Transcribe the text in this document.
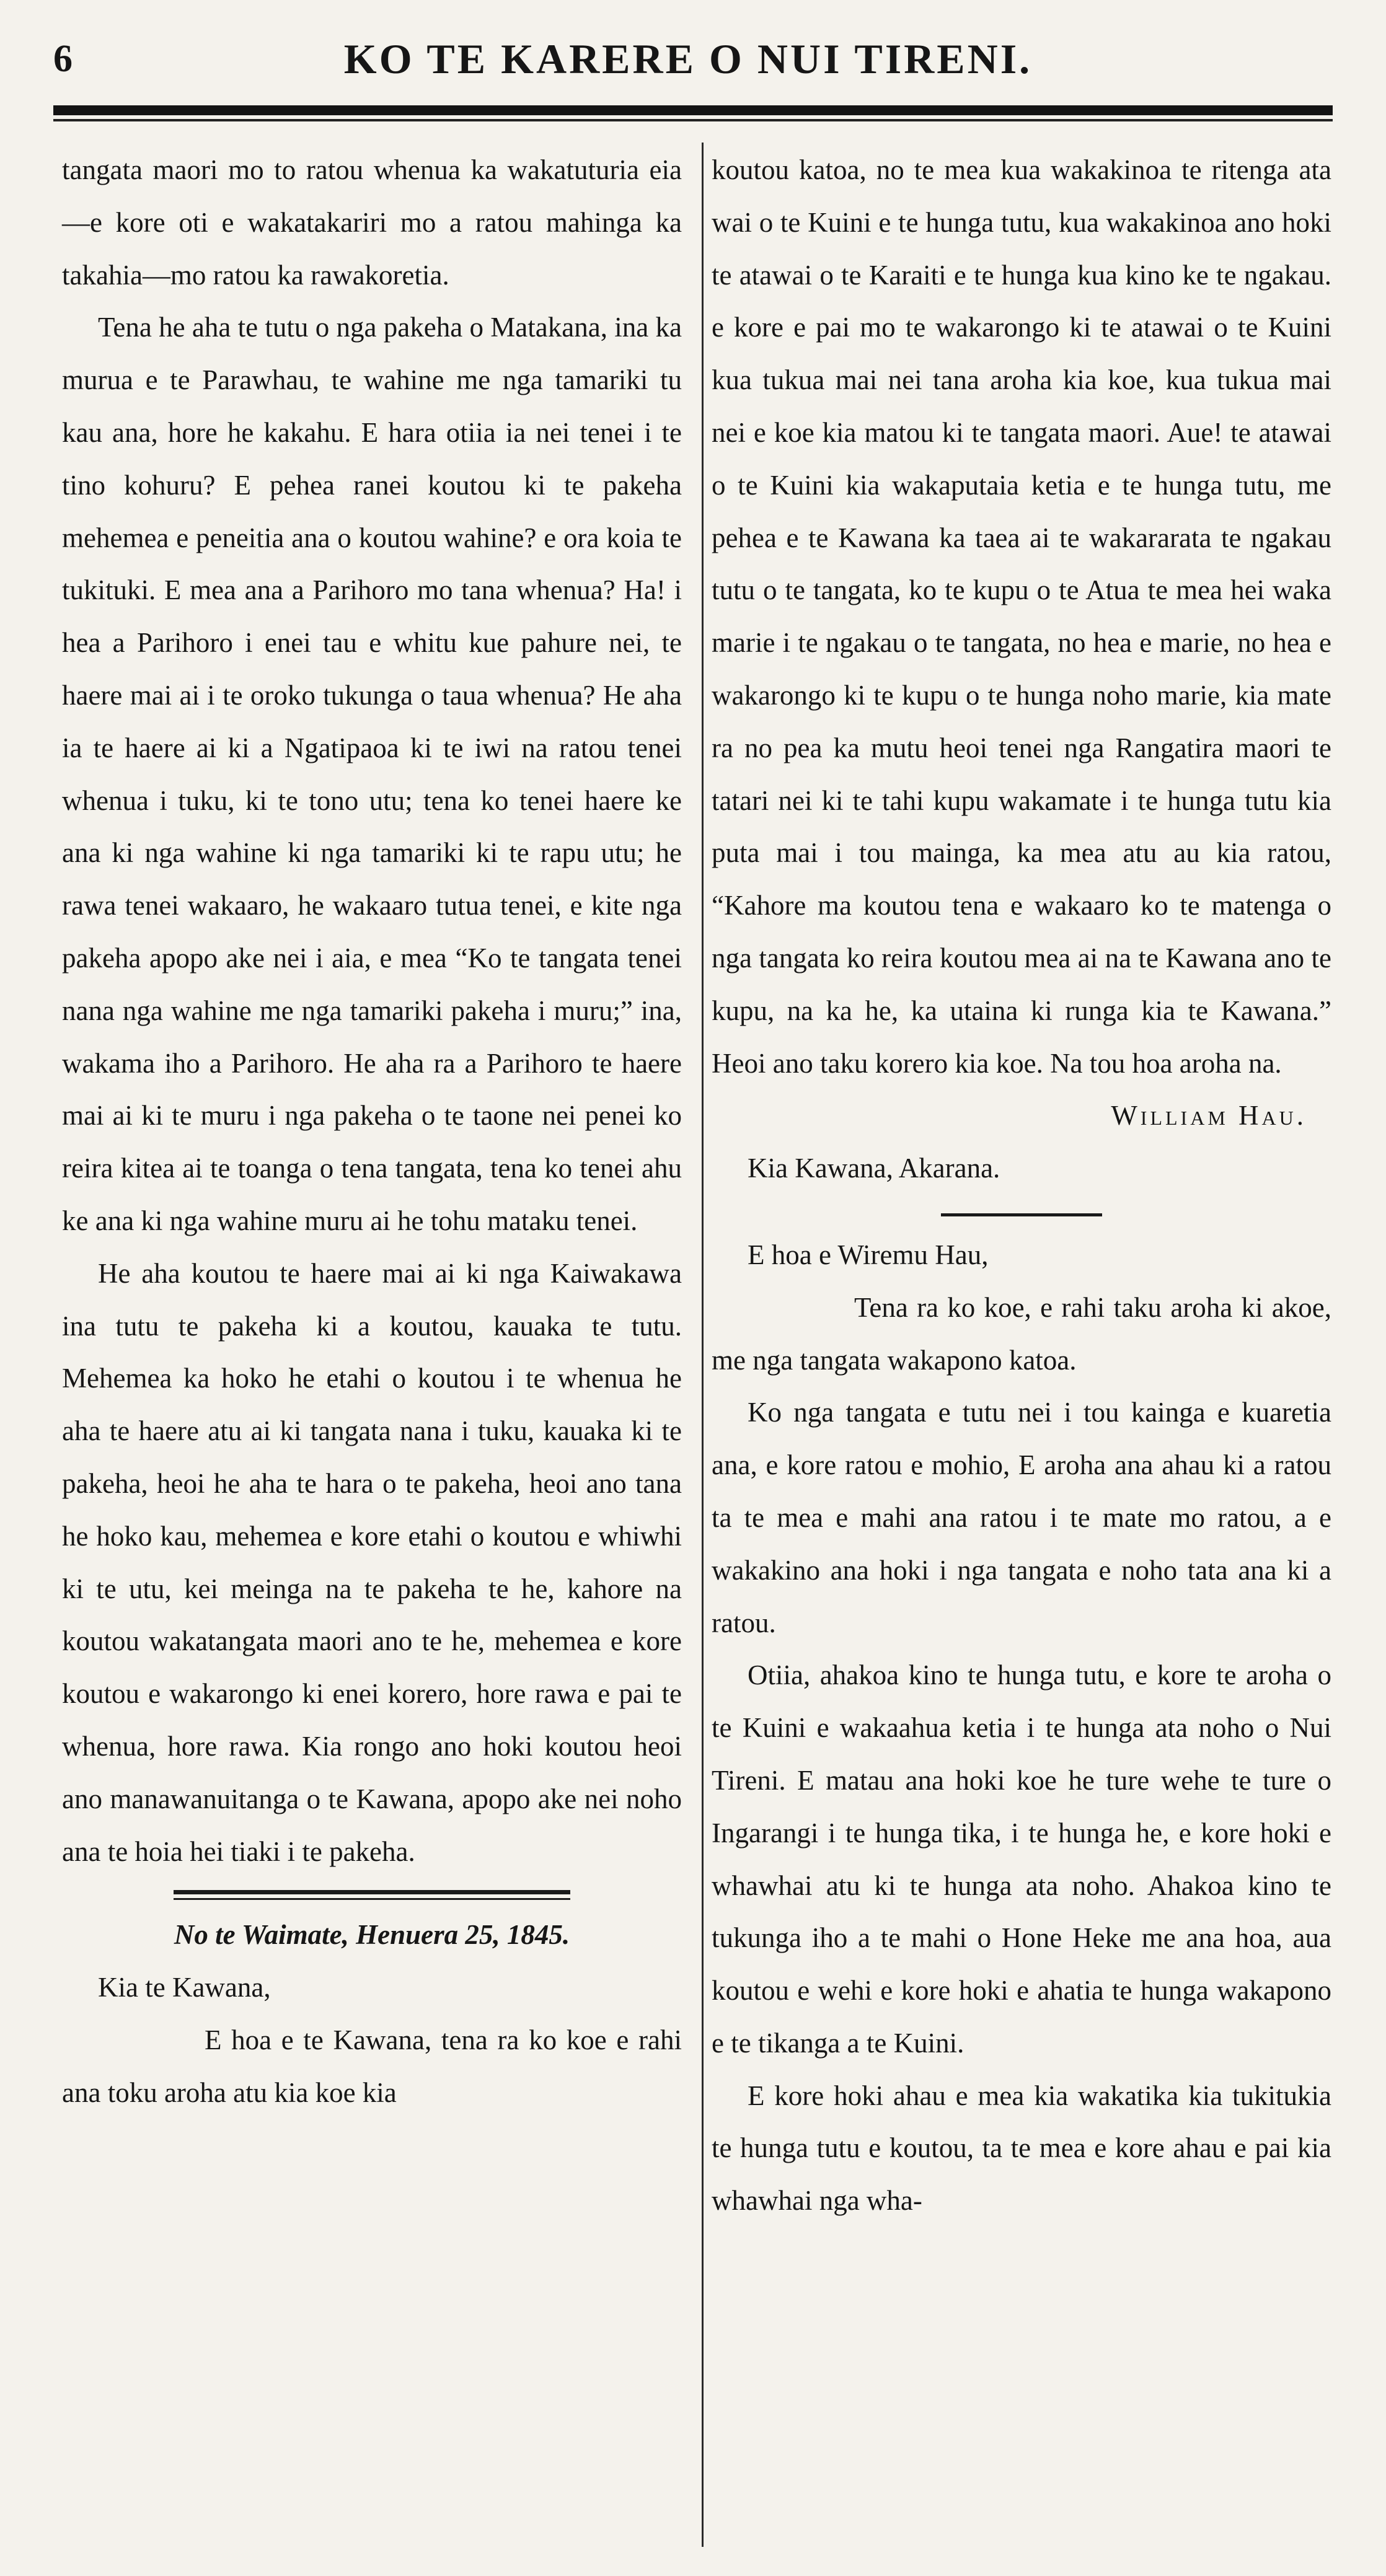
6	KO TE KARERE O NUI TIRENI.

tangata maori mo to ratou whenua ka wakatuturia eia—e kore oti e wakatakariri mo a ratou mahinga ka takahia—mo ratou ka rawakoretia.

Tena he aha te tutu o nga pakeha o Matakana, ina ka murua e te Parawhau, te wahine me nga tamariki tu kau ana, hore he kakahu. E hara otiia ia nei tenei i te tino kohuru? E pehea ranei koutou ki te pakeha mehemea e peneitia ana o koutou wahine? e ora koia te tukituki. E mea ana a Parihoro mo tana whenua? Ha! i hea a Parihoro i enei tau e whitu kue pahure nei, te haere mai ai i te oroko tukunga o taua whenua? He aha ia te haere ai ki a Ngatipaoa ki te iwi na ratou tenei whenua i tuku, ki te tono utu; tena ko tenei haere ke ana ki nga wahine ki nga tamariki ki te rapu utu; he rawa tenei wakaaro, he wakaaro tutua tenei, e kite nga pakeha apopo ake nei i aia, e mea “Ko te tangata tenei nana nga wahine me nga tamariki pakeha i muru;” ina, wakama iho a Parihoro. He aha ra a Parihoro te haere mai ai ki te muru i nga pakeha o te taone nei penei ko reira kitea ai te toanga o tena tangata, tena ko tenei ahu ke ana ki nga wahine muru ai he tohu mataku tenei.

He aha koutou te haere mai ai ki nga Kaiwakawa ina tutu te pakeha ki a koutou, kauaka te tutu. Mehemea ka hoko he etahi o koutou i te whenua he aha te haere atu ai ki tangata nana i tuku, kauaka ki te pakeha, heoi he aha te hara o te pakeha, heoi ano tana he hoko kau, mehemea e kore etahi o koutou e whiwhi ki te utu, kei meinga na te pakeha te he, kahore na koutou wakatangata maori ano te he, mehemea e kore koutou e wakarongo ki enei korero, hore rawa e pai te whenua, hore rawa. Kia rongo ano hoki koutou heoi ano manawanuitanga o te Kawana, apopo ake nei noho ana te hoia hei tiaki i te pakeha.

No te Waimate, Henuera 25, 1845.

Kia te Kawana,

E hoa e te Kawana, tena ra ko koe e rahi ana toku aroha atu kia koe kia

koutou katoa, no te mea kua wakakinoa te ritenga ata wai o te Kuini e te hunga tutu, kua wakakinoa ano hoki te atawai o te Karaiti e te hunga kua kino ke te ngakau. e kore e pai mo te wakarongo ki te atawai o te Kuini kua tukua mai nei tana aroha kia koe, kua tukua mai nei e koe kia matou ki te tangata maori. Aue! te atawai o te Kuini kia wakaputaia ketia e te hunga tutu, me pehea e te Kawana ka taea ai te wakararata te ngakau tutu o te tangata, ko te kupu o te Atua te mea hei waka marie i te ngakau o te tangata, no hea e marie, no hea e wakarongo ki te kupu o te hunga noho marie, kia mate ra no pea ka mutu heoi tenei nga Rangatira maori te tatari nei ki te tahi kupu wakamate i te hunga tutu kia puta mai i tou mainga, ka mea atu au kia ratou, “Kahore ma koutou tena e wakaaro ko te matenga o nga tangata ko reira koutou mea ai na te Kawana ano te kupu, na ka he, ka utaina ki runga kia te Kawana.” Heoi ano taku korero kia koe. Na tou hoa aroha na.

William Hau.

Kia Kawana, Akarana.

E hoa e Wiremu Hau,

Tena ra ko koe, e rahi taku aroha ki akoe, me nga tangata wakapono katoa.

Ko nga tangata e tutu nei i tou kainga e kuaretia ana, e kore ratou e mohio, E aroha ana ahau ki a ratou ta te mea e mahi ana ratou i te mate mo ratou, a e wakakino ana hoki i nga tangata e noho tata ana ki a ratou.

Otiia, ahakoa kino te hunga tutu, e kore te aroha o te Kuini e wakaahua ketia i te hunga ata noho o Nui Tireni. E matau ana hoki koe he ture wehe te ture o Ingarangi i te hunga tika, i te hunga he, e kore hoki e whawhai atu ki te hunga ata noho. Ahakoa kino te tukunga iho a te mahi o Hone Heke me ana hoa, aua koutou e wehi e kore hoki e ahatia te hunga wakapono e te tikanga a te Kuini.

E kore hoki ahau e mea kia wakatika kia tukitukia te hunga tutu e koutou, ta te mea e kore ahau e pai kia whawhai nga wha-
